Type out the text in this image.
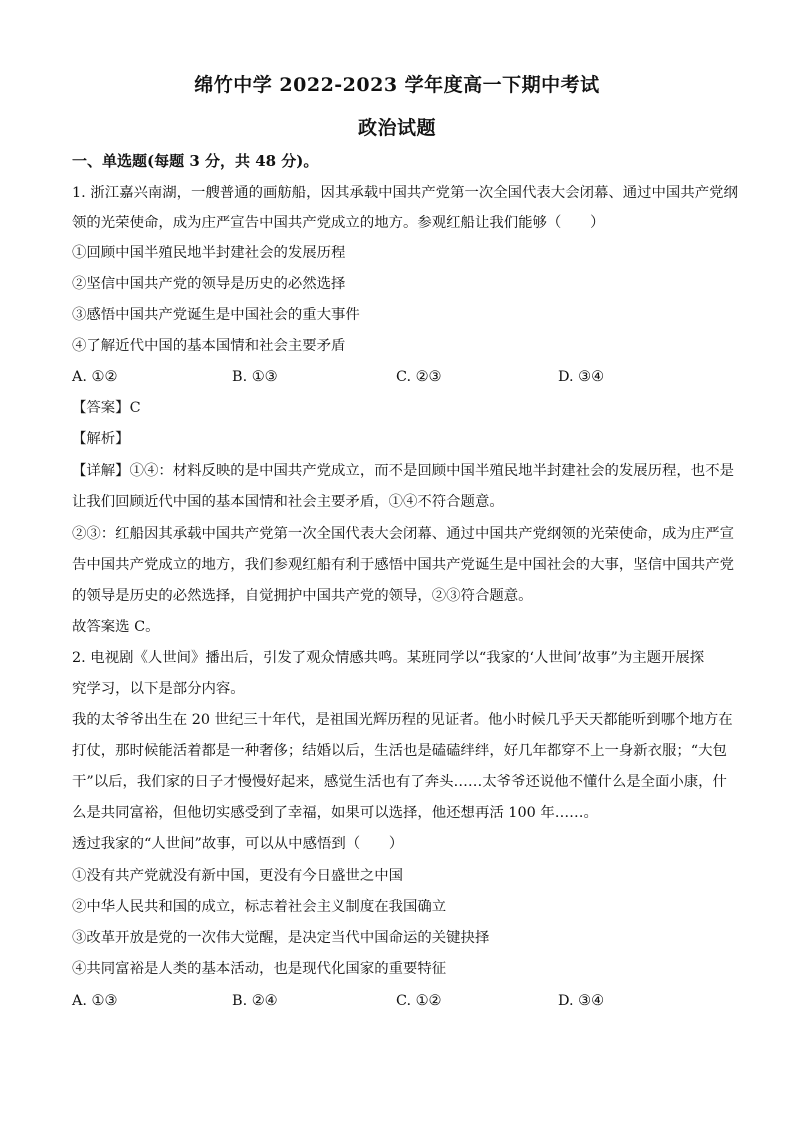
绵竹中学 2022-2023 学年度高一下期中考试
政治试题
一、单选题(每题 3 分，共 48 分)。
1. 浙江嘉兴南湖，一艘普通的画舫船，因其承载中国共产党第一次全国代表大会闭幕、通过中国共产党纲
领的光荣使命，成为庄严宣告中国共产党成立的地方。参观红船让我们能够（　　）
①回顾中国半殖民地半封建社会的发展历程
②坚信中国共产党的领导是历史的必然选择
③感悟中国共产党诞生是中国社会的重大事件
④了解近代中国的基本国情和社会主要矛盾
A. ①②	B. ①③	C. ②③	D. ③④
【答案】C
【解析】
【详解】①④：材料反映的是中国共产党成立，而不是回顾中国半殖民地半封建社会的发展历程，也不是
让我们回顾近代中国的基本国情和社会主要矛盾，①④不符合题意。
②③：红船因其承载中国共产党第一次全国代表大会闭幕、通过中国共产党纲领的光荣使命，成为庄严宣
告中国共产党成立的地方，我们参观红船有利于感悟中国共产党诞生是中国社会的大事，坚信中国共产党
的领导是历史的必然选择，自觉拥护中国共产党的领导，②③符合题意。
故答案选 C。
2. 电视剧《人世间》播出后，引发了观众情感共鸣。某班同学以“我家的‘人世间’故事”为主题开展探
究学习，以下是部分内容。
我的太爷爷出生在 20 世纪三十年代，是祖国光辉历程的见证者。他小时候几乎天天都能听到哪个地方在
打仗，那时候能活着都是一种奢侈；结婚以后，生活也是磕磕绊绊，好几年都穿不上一身新衣服；“大包
干”以后，我们家的日子才慢慢好起来，感觉生活也有了奔头……太爷爷还说他不懂什么是全面小康，什
么是共同富裕，但他切实感受到了幸福，如果可以选择，他还想再活 100 年……。
透过我家的“人世间”故事，可以从中感悟到（　　）
①没有共产党就没有新中国，更没有今日盛世之中国
②中华人民共和国的成立，标志着社会主义制度在我国确立
③改革开放是党的一次伟大觉醒，是决定当代中国命运的关键抉择
④共同富裕是人类的基本活动，也是现代化国家的重要特征
A. ①③	B. ②④	C. ①②	D. ③④
